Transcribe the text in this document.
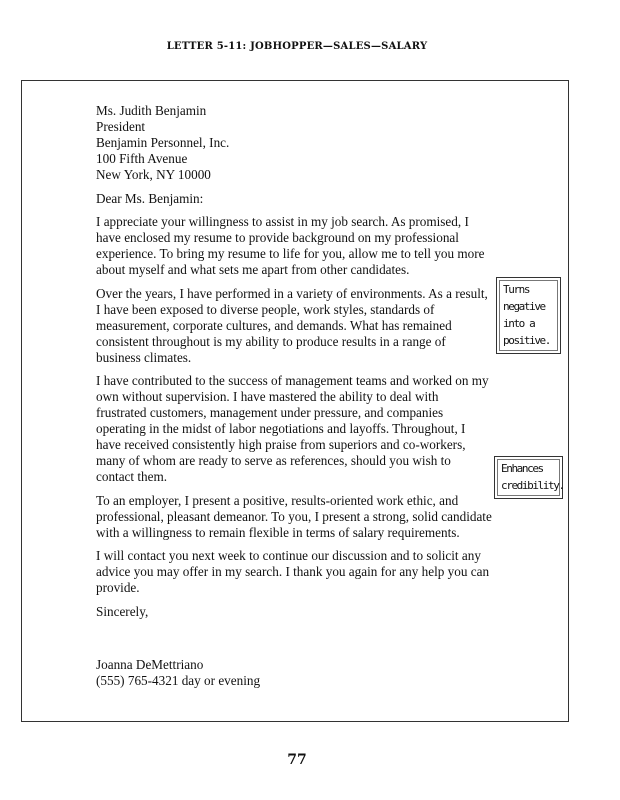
LETTER 5-11: JOBHOPPER—SALES—SALARY
Ms. Judith Benjamin
President
Benjamin Personnel, Inc.
100 Fifth Avenue
New York, NY 10000

Dear Ms. Benjamin:

I appreciate your willingness to assist in my job search. As promised, I have enclosed my resume to provide background on my professional experience. To bring my resume to life for you, allow me to tell you more about myself and what sets me apart from other candidates.

Over the years, I have performed in a variety of environments. As a result, I have been exposed to diverse people, work styles, standards of measurement, corporate cultures, and demands. What has remained consistent throughout is my ability to produce results in a range of business climates.

I have contributed to the success of management teams and worked on my own without supervision. I have mastered the ability to deal with frustrated customers, management under pressure, and companies operating in the midst of labor negotiations and layoffs. Throughout, I have received consistently high praise from superiors and co-workers, many of whom are ready to serve as references, should you wish to contact them.

To an employer, I present a positive, results-oriented work ethic, and professional, pleasant demeanor. To you, I present a strong, solid candidate with a willingness to remain flexible in terms of salary requirements.

I will contact you next week to continue our discussion and to solicit any advice you may offer in my search. I thank you again for any help you can provide.

Sincerely,

Joanna DeMettriano
(555) 765-4321 day or evening
Turns
negative
into a
positive.
Enhances
credibility.
77
